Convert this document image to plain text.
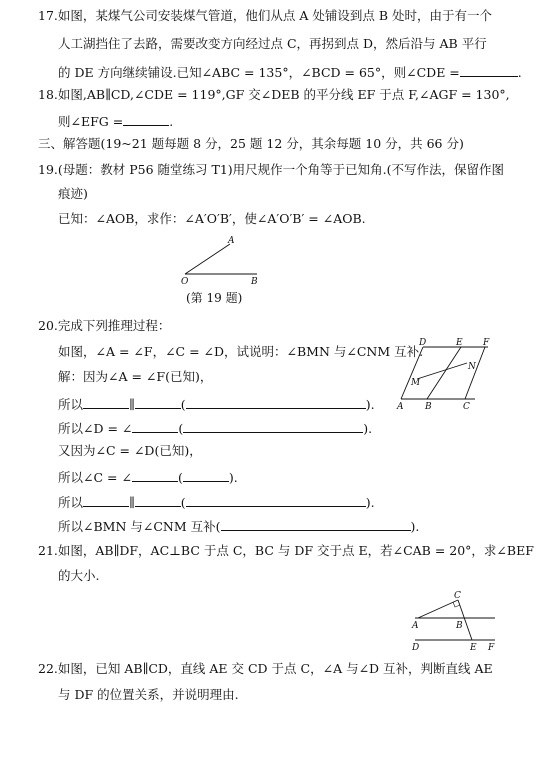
17.如图，某煤气公司安装煤气管道，他们从点 A 处铺设到点 B 处时，由于有一个
人工湖挡住了去路，需要改变方向经过点 C，再拐到点 D，然后沿与 AB 平行
的 DE 方向继续铺设.已知∠ABC = 135°，∠BCD = 65°，则∠CDE =	.
18.如图,AB∥CD,∠CDE = 119°,GF 交∠DEB 的平分线 EF 于点 F,∠AGF = 130°,
则∠EFG =	.
三、解答题(19~21 题每题 8 分，25 题 12 分，其余每题 10 分，共 66 分)
19.(母题：教材 P56 随堂练习 T1)用尺规作一个角等于已知角.(不写作法，保留作图
痕迹)
已知：∠AOB，求作：∠A′O′B′，使∠A′O′B′ = ∠AOB.
A
O	B
(第 19 题)
20.完成下列推理过程：
如图，∠A = ∠F，∠C = ∠D，试说明：∠BMN 与∠CNM 互补.
解：因为∠A = ∠F(已知)，
所以	∥	(	).
所以∠D = ∠	(	).
又因为∠C = ∠D(已知)，
所以∠C = ∠	(	).
所以	∥	(	).
所以∠BMN 与∠CNM 互补(	).
D	E F
M
N
A B	C
21.如图，AB∥DF，AC⊥BC 于点 C，BC 与 DF 交于点 E，若∠CAB = 20°，求∠BEF
的大小.
C
A	B
D	E F
22.如图，已知 AB∥CD，直线 AE 交 CD 于点 C，∠A 与∠D 互补，判断直线 AE
与 DF 的位置关系，并说明理由.
